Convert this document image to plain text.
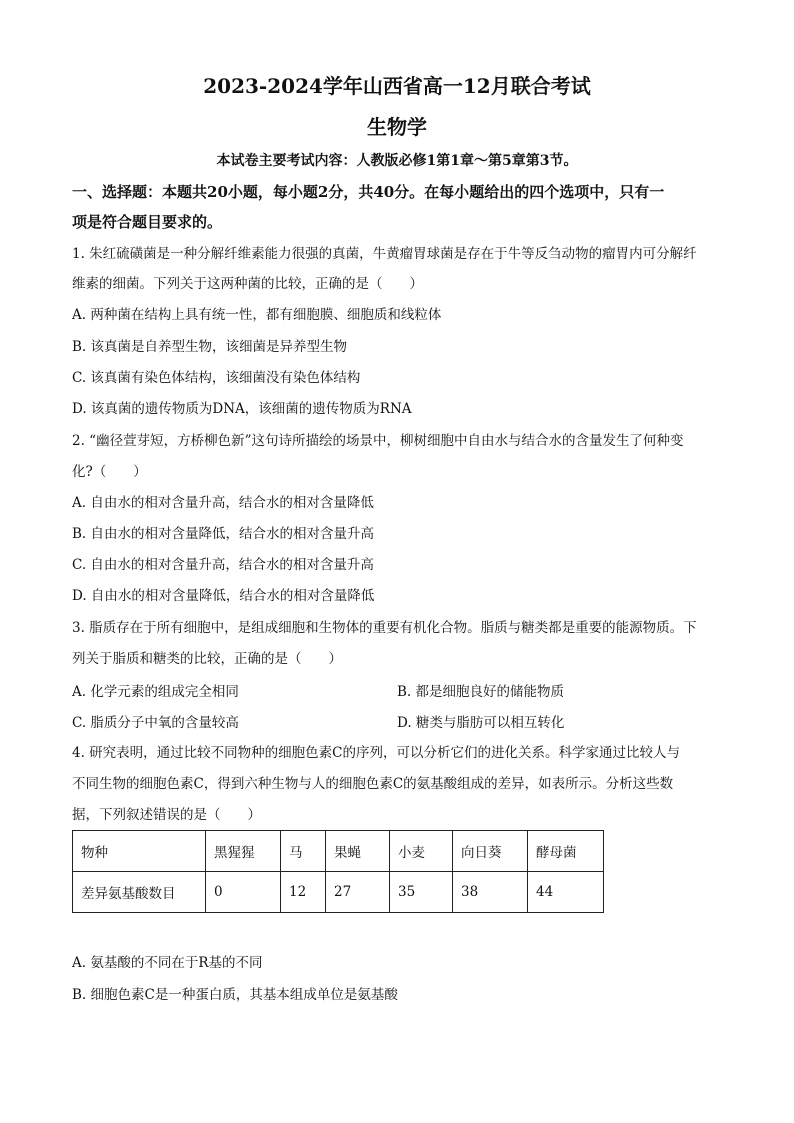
2023-2024学年山西省高一12月联合考试
生物学
本试卷主要考试内容：人教版必修1第1章～第5章第3节。
一、选择题：本题共20小题，每小题2分，共40分。在每小题给出的四个选项中，只有一
项是符合题目要求的。
1. 朱红硫磺菌是一种分解纤维素能力很强的真菌，牛黄瘤胃球菌是存在于牛等反刍动物的瘤胃内可分解纤
维素的细菌。下列关于这两种菌的比较，正确的是（　　）
A. 两种菌在结构上具有统一性，都有细胞膜、细胞质和线粒体
B. 该真菌是自养型生物，该细菌是异养型生物
C. 该真菌有染色体结构，该细菌没有染色体结构
D. 该真菌的遗传物质为DNA，该细菌的遗传物质为RNA
2. “幽径萱芽短，方桥柳色新”这句诗所描绘的场景中，柳树细胞中自由水与结合水的含量发生了何种变
化?（　　）
A. 自由水的相对含量升高，结合水的相对含量降低
B. 自由水的相对含量降低，结合水的相对含量升高
C. 自由水的相对含量升高，结合水的相对含量升高
D. 自由水的相对含量降低，结合水的相对含量降低
3. 脂质存在于所有细胞中，是组成细胞和生物体的重要有机化合物。脂质与糖类都是重要的能源物质。下
列关于脂质和糖类的比较，正确的是（　　）
A. 化学元素的组成完全相同	B. 都是细胞良好的储能物质
C. 脂质分子中氧的含量较高	D. 糖类与脂肪可以相互转化
4. 研究表明，通过比较不同物种的细胞色素C的序列，可以分析它们的进化关系。科学家通过比较人与
不同生物的细胞色素C，得到六种生物与人的细胞色素C的氨基酸组成的差异，如表所示。分析这些数
据，下列叙述错误的是（　　）
物种	黑猩猩	马	果蝇	小麦	向日葵	酵母菌
差异氨基酸数目	0	12	27	35	38	44
A. 氨基酸的不同在于R基的不同
B. 细胞色素C是一种蛋白质，其基本组成单位是氨基酸
